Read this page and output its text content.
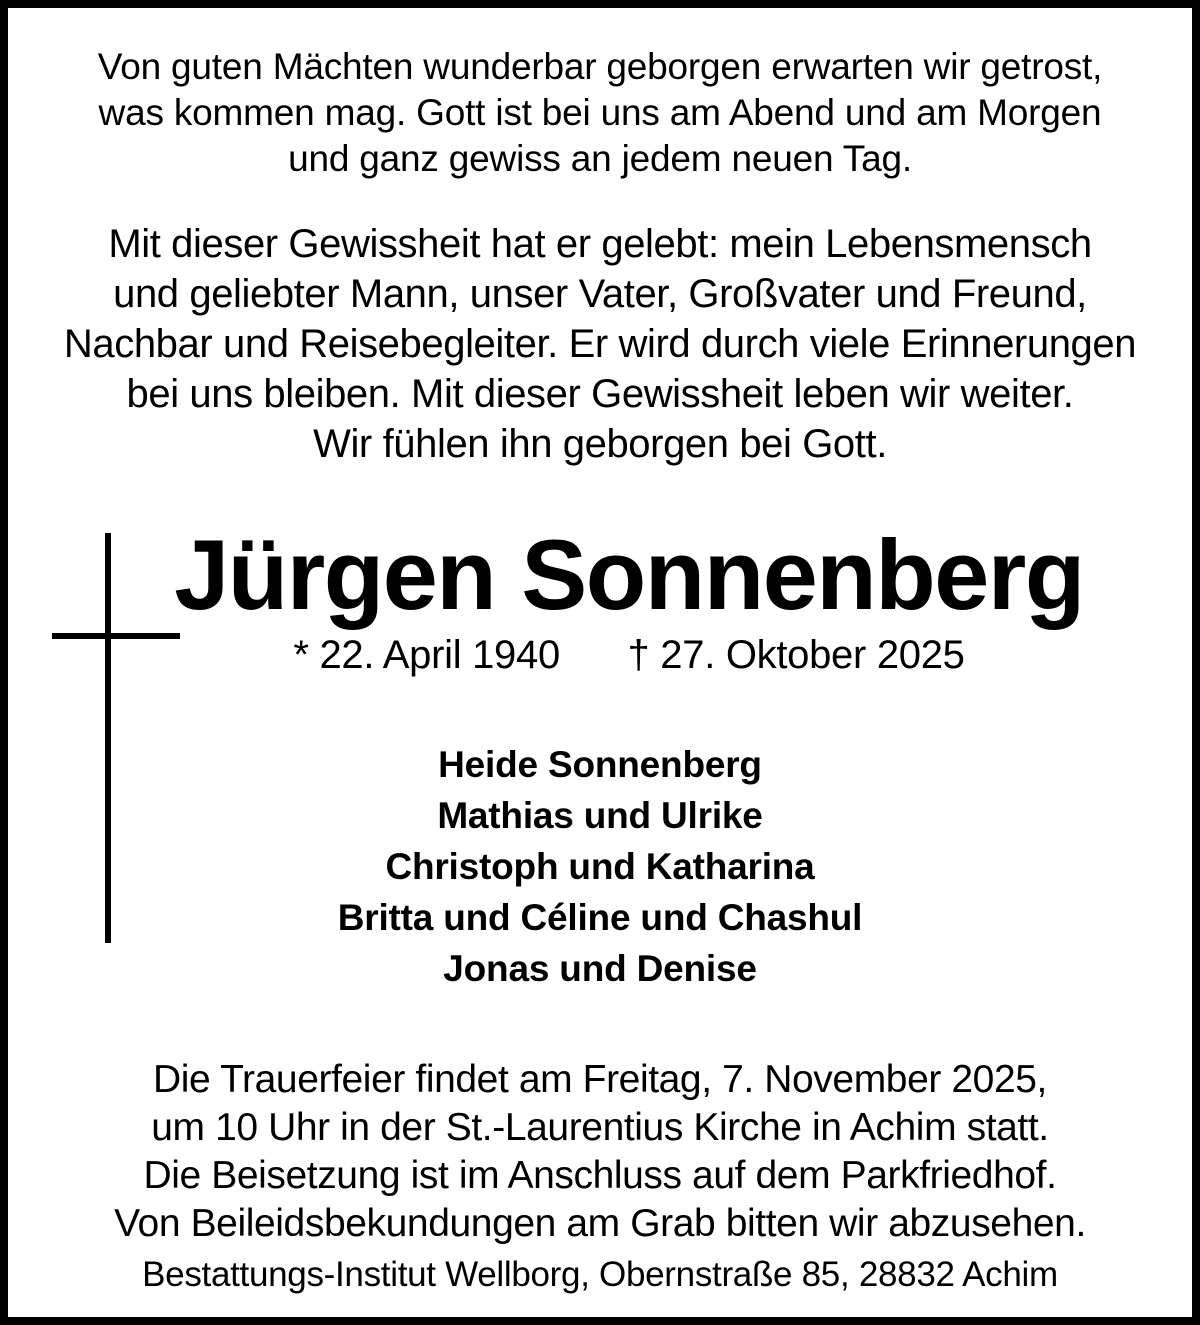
Von guten Mächten wunderbar geborgen erwarten wir getrost,
was kommen mag. Gott ist bei uns am Abend und am Morgen
und ganz gewiss an jedem neuen Tag.
Mit dieser Gewissheit hat er gelebt: mein Lebensmensch
und geliebter Mann, unser Vater, Großvater und Freund,
Nachbar und Reisebegleiter. Er wird durch viele Erinnerungen
bei uns bleiben. Mit dieser Gewissheit leben wir weiter.
Wir fühlen ihn geborgen bei Gott.
Jürgen Sonnenberg
* 22. April 1940 † 27. Oktober 2025
Heide Sonnenberg
Mathias und Ulrike
Christoph und Katharina
Britta und Céline und Chashul
Jonas und Denise
Die Trauerfeier findet am Freitag, 7. November 2025,
um 10 Uhr in der St.-Laurentius Kirche in Achim statt.
Die Beisetzung ist im Anschluss auf dem Parkfriedhof.
Von Beileidsbekundungen am Grab bitten wir abzusehen.
Bestattungs-Institut Wellborg, Obernstraße 85, 28832 Achim
